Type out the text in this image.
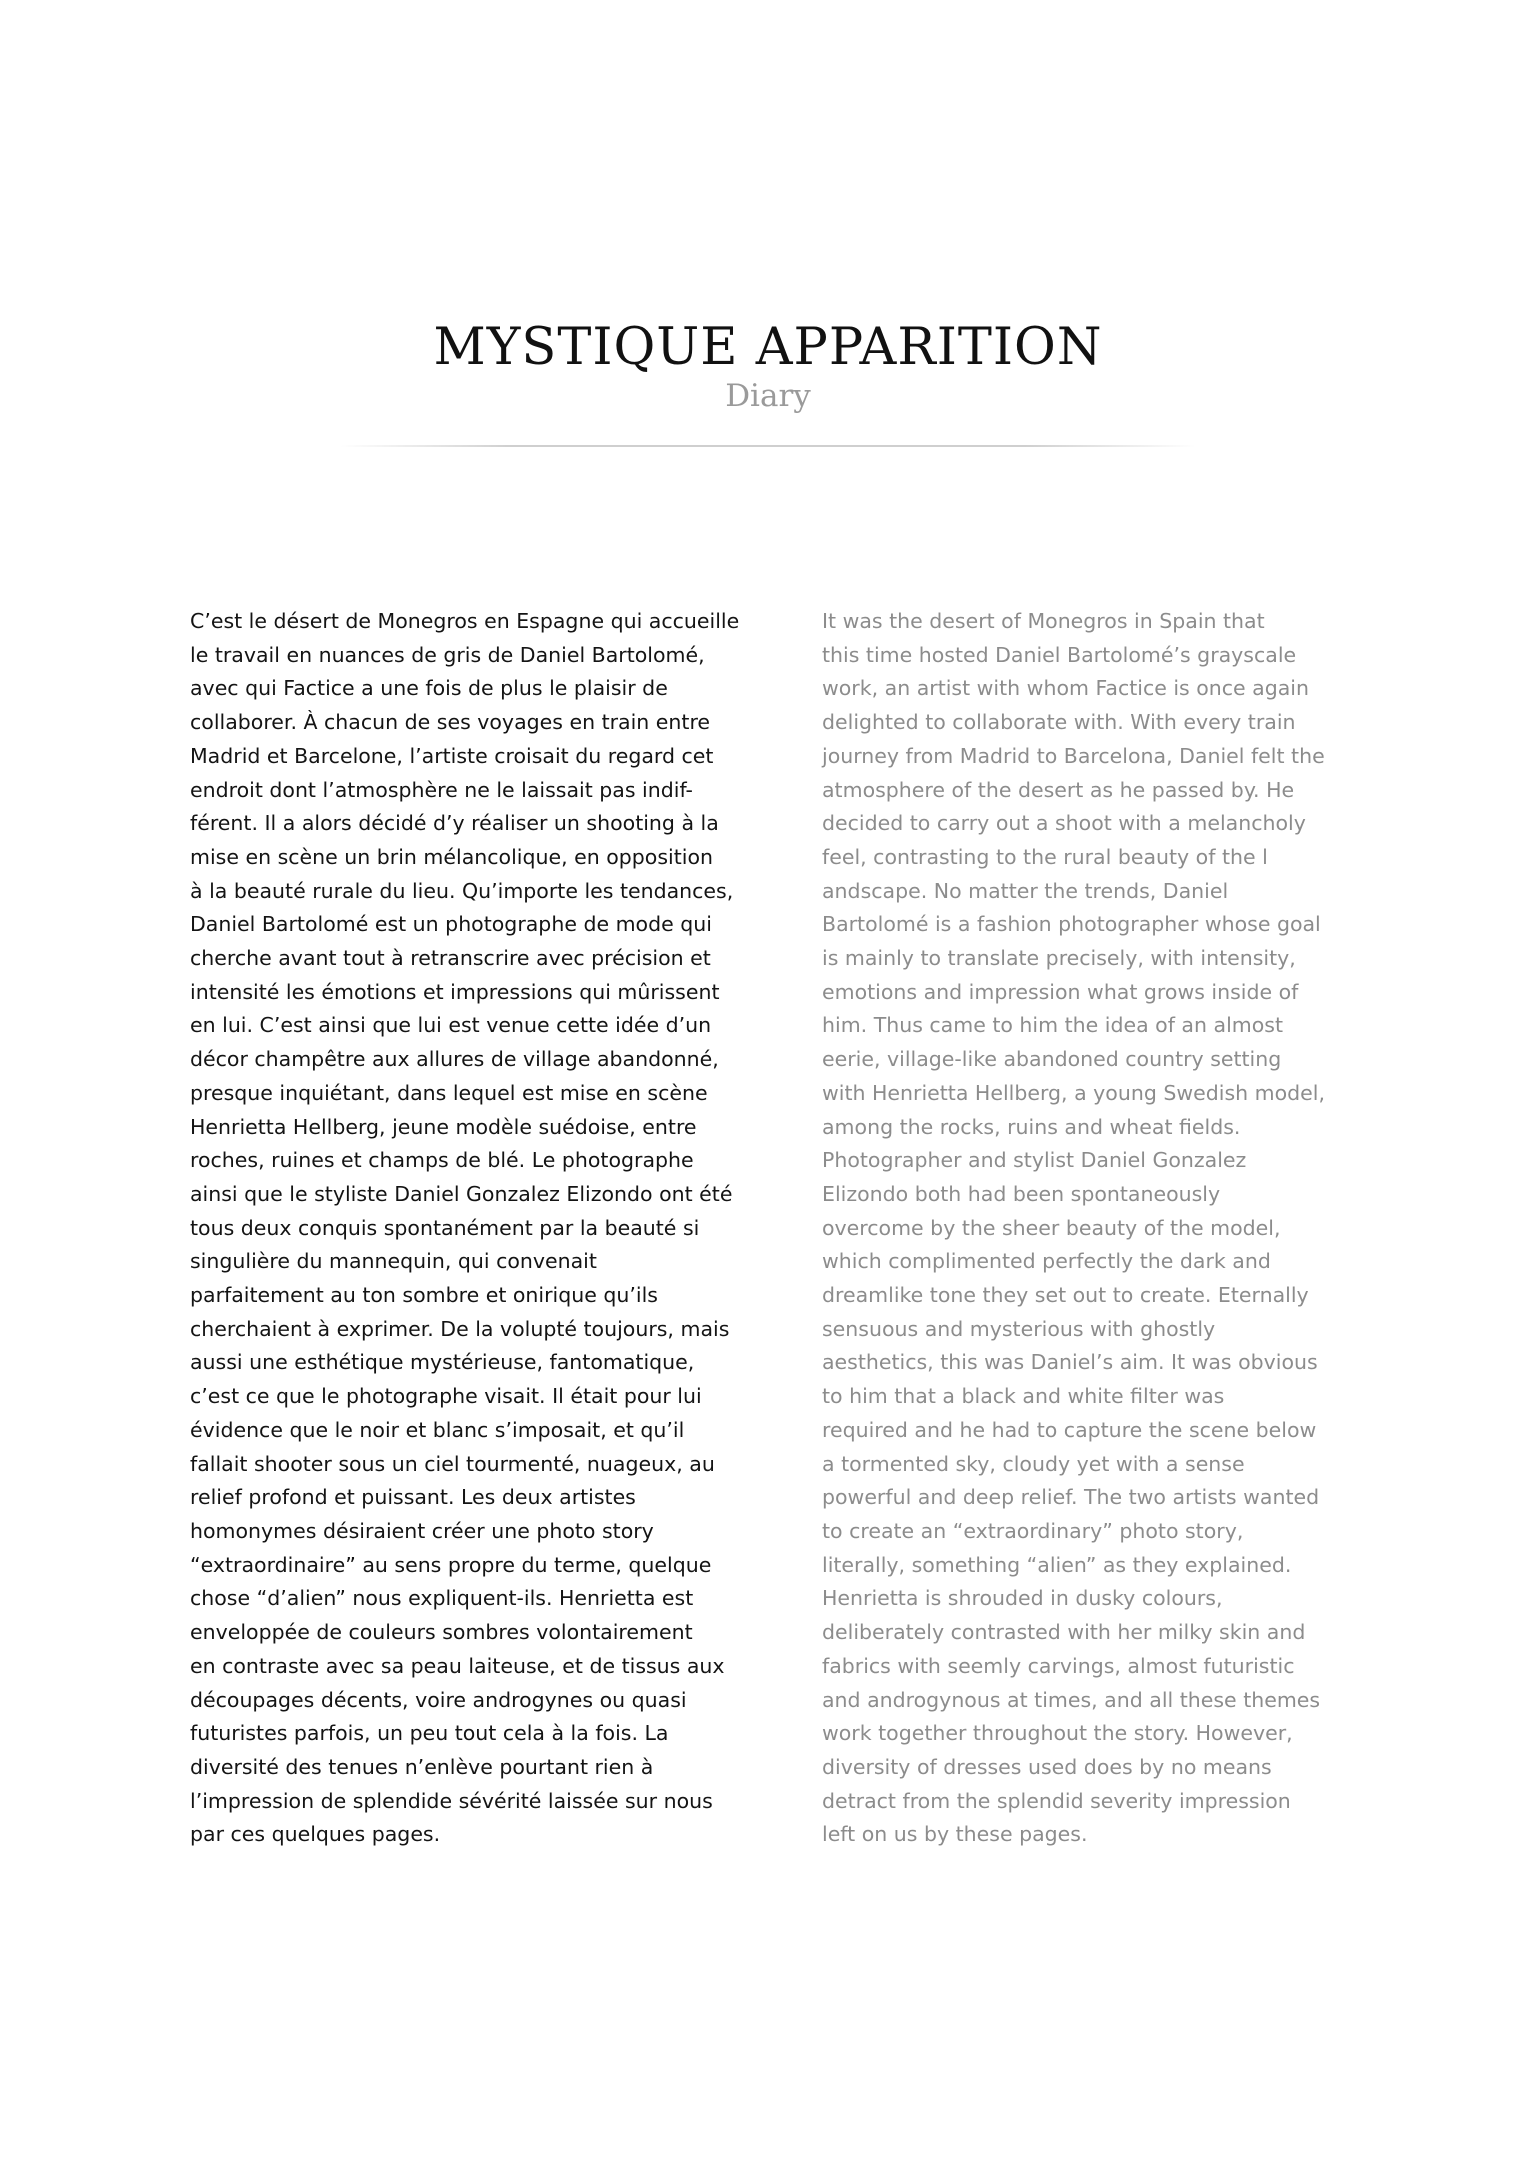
MYSTIQUE APPARITION

Diary

C’est le désert de Monegros en Espagne qui accueille
le travail en nuances de gris de Daniel Bartolomé,
avec qui Factice a une fois de plus le plaisir de
collaborer. À chacun de ses voyages en train entre
Madrid et Barcelone, l’artiste croisait du regard cet
endroit dont l’atmosphère ne le laissait pas indif-
férent. Il a alors décidé d’y réaliser un shooting à la
mise en scène un brin mélancolique, en opposition
à la beauté rurale du lieu. Qu’importe les tendances,
Daniel Bartolomé est un photographe de mode qui
cherche avant tout à retranscrire avec précision et
intensité les émotions et impressions qui mûrissent
en lui. C’est ainsi que lui est venue cette idée d’un
décor champêtre aux allures de village abandonné,
presque inquiétant, dans lequel est mise en scène
Henrietta Hellberg, jeune modèle suédoise, entre
roches, ruines et champs de blé. Le photographe
ainsi que le styliste Daniel Gonzalez Elizondo ont été
tous deux conquis spontanément par la beauté si
singulière du mannequin, qui convenait
parfaitement au ton sombre et onirique qu’ils
cherchaient à exprimer. De la volupté toujours, mais
aussi une esthétique mystérieuse, fantomatique,
c’est ce que le photographe visait. Il était pour lui
évidence que le noir et blanc s’imposait, et qu’il
fallait shooter sous un ciel tourmenté, nuageux, au
relief profond et puissant. Les deux artistes
homonymes désiraient créer une photo story
“extraordinaire” au sens propre du terme, quelque
chose “d’alien” nous expliquent-ils. Henrietta est
enveloppée de couleurs sombres volontairement
en contraste avec sa peau laiteuse, et de tissus aux
découpages décents, voire androgynes ou quasi
futuristes parfois, un peu tout cela à la fois. La
diversité des tenues n’enlève pourtant rien à
l’impression de splendide sévérité laissée sur nous
par ces quelques pages.
It was the desert of Monegros in Spain that
this time hosted Daniel Bartolomé’s grayscale
work, an artist with whom Factice is once again
delighted to collaborate with. With every train
journey from Madrid to Barcelona, Daniel felt the
atmosphere of the desert as he passed by. He
decided to carry out a shoot with a melancholy
feel, contrasting to the rural beauty of the l
andscape. No matter the trends, Daniel
Bartolomé is a fashion photographer whose goal
is mainly to translate precisely, with intensity,
emotions and impression what grows inside of
him. Thus came to him the idea of an almost
eerie, village-like abandoned country setting
with Henrietta Hellberg, a young Swedish model,
among the rocks, ruins and wheat fields.
Photographer and stylist Daniel Gonzalez
Elizondo both had been spontaneously
overcome by the sheer beauty of the model,
which complimented perfectly the dark and
dreamlike tone they set out to create. Eternally
sensuous and mysterious with ghostly
aesthetics, this was Daniel’s aim. It was obvious
to him that a black and white filter was
required and he had to capture the scene below
a tormented sky, cloudy yet with a sense
powerful and deep relief. The two artists wanted
to create an “extraordinary” photo story,
literally, something “alien” as they explained.
Henrietta is shrouded in dusky colours,
deliberately contrasted with her milky skin and
fabrics with seemly carvings, almost futuristic
and androgynous at times, and all these themes
work together throughout the story. However,
diversity of dresses used does by no means
detract from the splendid severity impression
left on us by these pages.
